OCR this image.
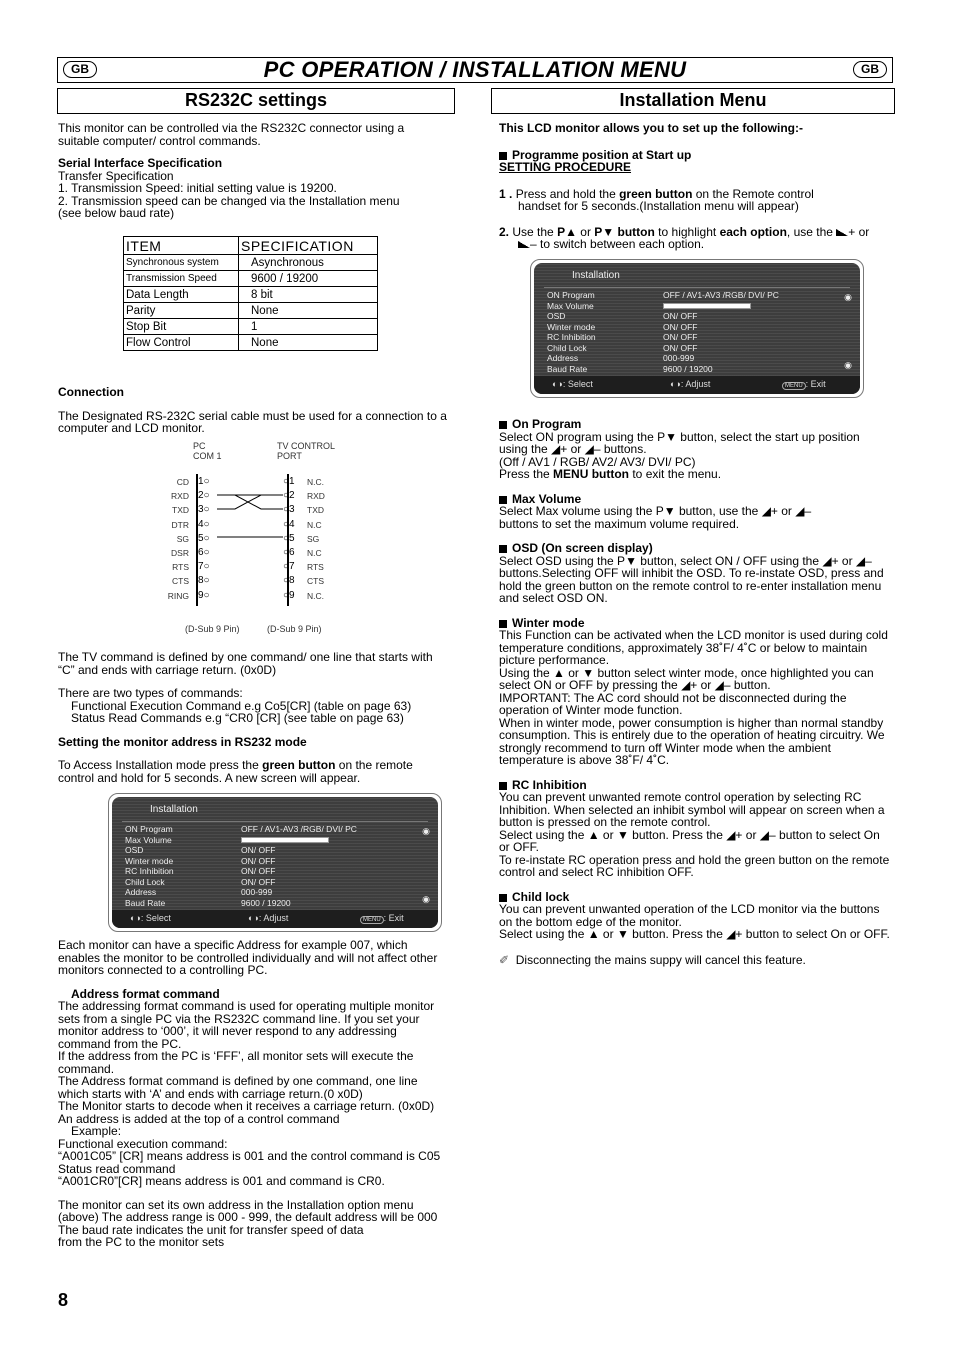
GB	PC OPERATION / INSTALLATION MENU	GB
RS232C settings

This monitor can be controlled via the RS232C connector using a suitable computer/ control commands.

Serial Interface Specification

Transfer Specification

1. Transmission Speed: initial setting value is 19200.

2. Transmission speed can be changed via the Installation menu

(see below baud rate)

ITEM	SPECIFICATION
Synchronous system	Asynchronous
Transmission Speed	9600 / 19200
Data Length	8 bit
Parity	None
Stop Bit	1
Flow Control	None

Connection

The Designated RS-232C serial cable must be used for a connection to a computer and LCD monitor.

PC
COM 1
TV CONTROL
PORT
CD 1○
RXD 2○
TXD 3○
DTR 4○
SG 5○
DSR 6○
RTS 7○
CTS 8○
RING 9○
○1 N.C.
○2 RXD
○3 TXD
○4 N.C
○5 SG
○6 N.C
○7 RTS
○8 CTS
○9 N.C.
(D-Sub 9 Pin)	(D-Sub 9 Pin)

The TV command is defined by one command/ one line that starts with “C” and ends with carriage return. (0x0D)

There are two types of commands:

Functional Execution Command e.g Co5[CR] (table on page 63)

Status Read Commands e.g “CR0 [CR] (see table on page 63)

Setting the monitor address in RS232 mode

To Access Installation mode press the green button on the remote control and hold for 5 seconds. A new screen will appear.

Installation
ON Program	OFF / AV1-AV3 /RGB/ DVI/ PC
Max Volume
OSD	ON/ OFF
Winter mode	ON/ OFF
RC Inhibition	ON/ OFF
Child Lock	ON/ OFF
Address	000-999
Baud Rate	9600 / 19200
◉
◉
◐◑: Select	◐◑: Adjust	MENU : Exit

Each monitor can have a specific Address for example 007, which enables the monitor to be controlled individually and will not affect other monitors connected to a controlling PC.

Address format command

The addressing format command is used for operating multiple monitor sets from a single PC via the RS232C command line. If you set your monitor address to ‘000’, it will never respond to any addressing command from the PC.

If the address from the PC is ‘FFF’, all monitor sets will execute the command.

The Address format command is defined by one command, one line which starts with ‘A’ and ends with carriage return.(0 x0D)

The Monitor starts to decode when it receives a carriage return. (0x0D)

An address is added at the top of a control command

Example:

Functional execution command:

“A001C05” [CR] means address is 001 and the control command is C05

Status read command

“A001CR0”[CR] means address is 001 and command is CR0.

The monitor can set its own address in the Installation option menu (above) The address range is 000 - 999, the default address will be 000

The baud rate indicates the unit for transfer speed of data

from the PC to the monitor sets

8
Installation Menu

This LCD monitor allows you to set up the following:-

Programme position at Start up

SETTING PROCEDURE

1 . Press and hold the green button on the Remote control

handset for 5 seconds.(Installation menu will appear)

2. Use the P▲ or P▼ button to highlight each option, use the + or

– to switch between each option.

Installation
ON Program	OFF / AV1-AV3 /RGB/ DVI/ PC
Max Volume
OSD	ON/ OFF
Winter mode	ON/ OFF
RC Inhibition	ON/ OFF
Child Lock	ON/ OFF
Address	000-999
Baud Rate	9600 / 19200
◉
◉
◐◑: Select	◐◑: Adjust	MENU : Exit

On Program

Select ON program using the P▼ button, select the start up position using the ◢+ or ◢– buttons.

(Off / AV1 / RGB/ AV2/ AV3/ DVI/ PC)

Press the MENU button to exit the menu.

Max Volume

Select Max volume using the P▼ button, use the ◢+ or ◢–

buttons to set the maximum volume required.

OSD (On screen display)

Select OSD using the P▼ button, select ON / OFF using the ◢+ or ◢– buttons.Selecting OFF will inhibit the OSD. To re-instate OSD, press and hold the green button on the remote control to re-enter installation menu and select OSD ON.

Winter mode

This Function can be activated when the LCD monitor is used during cold temperature conditions, approximately 38˚F/ 4˚C or below to maintain picture performance.

Using the ▲ or ▼ button select winter mode, once highlighted you can select ON or OFF by pressing the ◢+ or ◢– button.

IMPORTANT: The AC cord should not be disconnected during the operation of Winter mode function.

When in winter mode, power consumption is higher than normal standby consumption. This is entirely due to the operation of heating circuitry. We strongly recommend to turn off Winter mode when the ambient temperature is above 38˚F/ 4˚C.

RC Inhibition

You can prevent unwanted remote control operation by selecting RC Inhibition. When selected an inhibit symbol will appear on screen when a button is pressed on the remote control.

Select using the ▲ or ▼ button. Press the ◢+ or ◢– button to select On or OFF.

To re-instate RC operation press and hold the green button on the remote control and select RC inhibition OFF.

Child lock

You can prevent unwanted operation of the LCD monitor via the buttons on the bottom edge of the monitor.

Select using the ▲ or ▼ button. Press the ◢+ button to select On or OFF.

✐ Disconnecting the mains suppy will cancel this feature.
